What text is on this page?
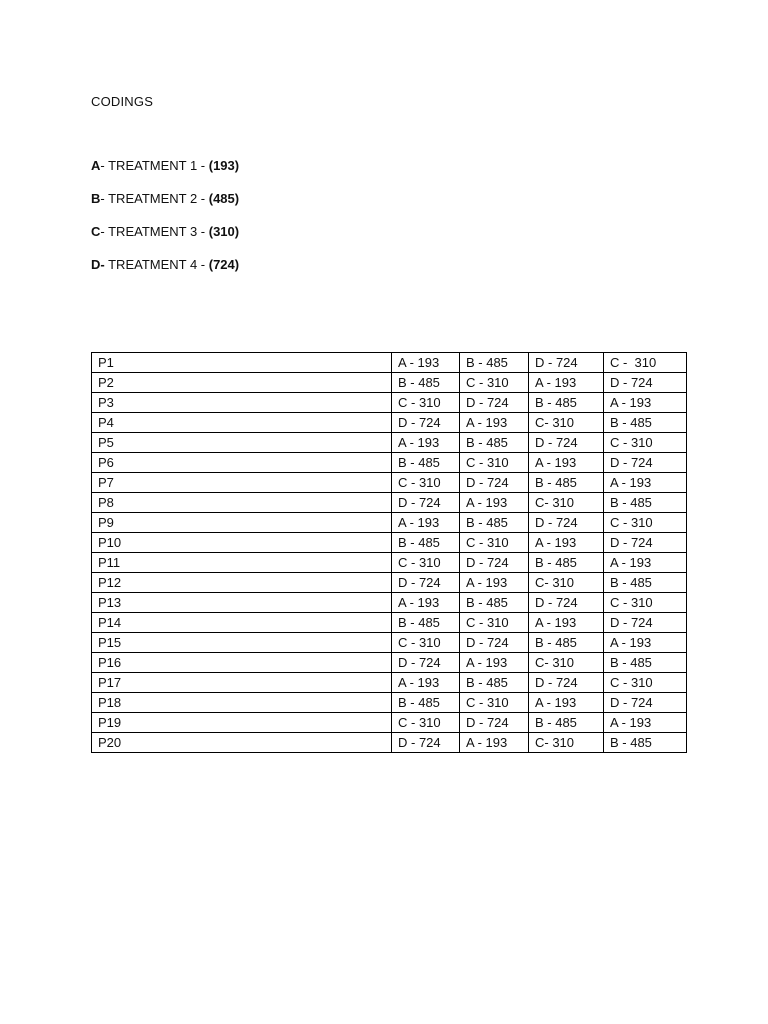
CODINGS
A- TREATMENT 1 - (193)
B- TREATMENT 2 - (485)
C- TREATMENT 3 - (310)
D- TREATMENT 4 - (724)
P1	A - 193	B - 485	D - 724	C -  310
P2	B - 485	C - 310	A - 193	D - 724
P3	C - 310	D - 724	B - 485	A - 193
P4	D - 724	A - 193	C- 310	B - 485
P5	A - 193	B - 485	D - 724	C - 310
P6	B - 485	C - 310	A - 193	D - 724
P7	C - 310	D - 724	B - 485	A - 193
P8	D - 724	A - 193	C- 310	B - 485
P9	A - 193	B - 485	D - 724	C - 310
P10	B - 485	C - 310	A - 193	D - 724
P11	C - 310	D - 724	B - 485	A - 193
P12	D - 724	A - 193	C- 310	B - 485
P13	A - 193	B - 485	D - 724	C - 310
P14	B - 485	C - 310	A - 193	D - 724
P15	C - 310	D - 724	B - 485	A - 193
P16	D - 724	A - 193	C- 310	B - 485
P17	A - 193	B - 485	D - 724	C - 310
P18	B - 485	C - 310	A - 193	D - 724
P19	C - 310	D - 724	B - 485	A - 193
P20	D - 724	A - 193	C- 310	B - 485
